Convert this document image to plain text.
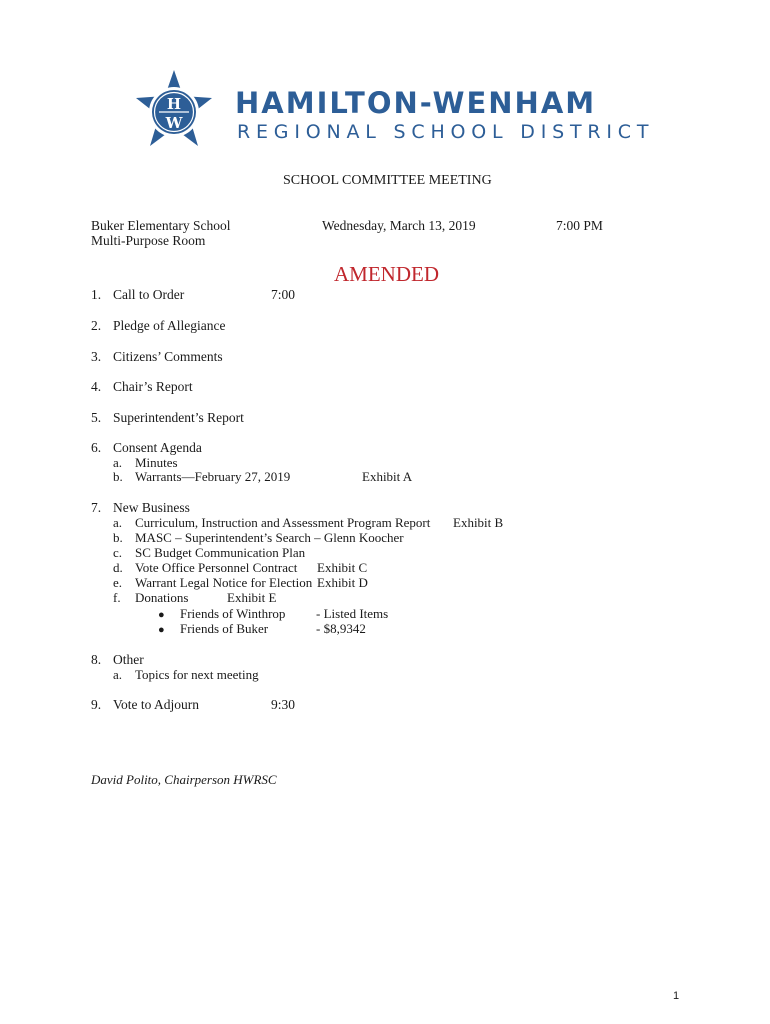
H
W
HAMILTON-WENHAM
REGIONAL SCHOOL DISTRICT
SCHOOL COMMITTEE MEETING
Buker Elementary School
Multi-Purpose Room
Wednesday, March 13, 2019	7:00 PM
AMENDED
1. Call to Order	7:00
2. Pledge of Allegiance
3. Citizens’ Comments
4. Chair’s Report
5. Superintendent’s Report
6. Consent Agenda
a. Minutes
b. Warrants—February 27, 2019	Exhibit A
7. New Business
a. Curriculum, Instruction and Assessment Program Report Exhibit B
b. MASC – Superintendent’s Search – Glenn Koocher
c. SC Budget Communication Plan
d. Vote Office Personnel Contract Exhibit C
e. Warrant Legal Notice for Election Exhibit D
f. Donations	Exhibit E
● Friends of Winthrop - Listed Items
● Friends of Buker	- $8,9342
8. Other
a. Topics for next meeting
9. Vote to Adjourn	9:30
David Polito, Chairperson HWRSC
1
